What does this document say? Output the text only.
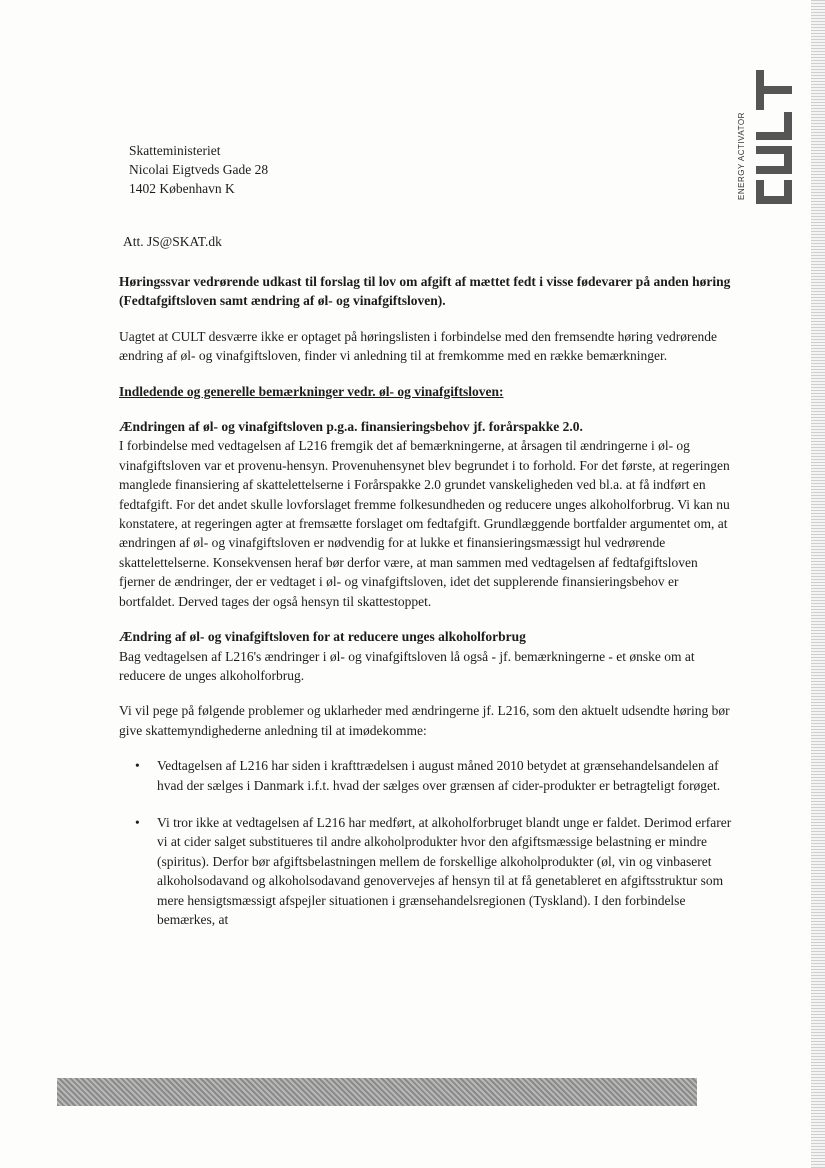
ENERGY ACTIVATOR
Skatteministeriet
Nicolai Eigtveds Gade 28
1402 København K
Att. JS@SKAT.dk

Høringssvar vedrørende udkast til forslag til lov om afgift af mættet fedt i visse fødevarer på anden høring (Fedtafgiftsloven samt ændring af øl- og vinafgiftsloven).

Uagtet at CULT desværre ikke er optaget på høringslisten i forbindelse med den fremsendte høring vedrørende ændring af øl- og vinafgiftsloven, finder vi anledning til at fremkomme med en række bemærkninger.

Indledende og generelle bemærkninger vedr. øl- og vinafgiftsloven:

Ændringen af øl- og vinafgiftsloven p.g.a. finansieringsbehov jf. forårspakke 2.0.

I forbindelse med vedtagelsen af L216 fremgik det af bemærkningerne, at årsagen til ændringerne i øl- og vinafgiftsloven var et provenu-hensyn. Provenuhensynet blev begrundet i to forhold. For det første, at regeringen manglede finansiering af skattelettelserne i Forårspakke 2.0 grundet vanskeligheden ved bl.a. at få indført en fedtafgift. For det andet skulle lovforslaget fremme folkesundheden og reducere unges alkoholforbrug. Vi kan nu konstatere, at regeringen agter at fremsætte forslaget om fedtafgift. Grundlæggende bortfalder argumentet om, at ændringen af øl- og vinafgiftsloven er nødvendig for at lukke et finansieringsmæssigt hul vedrørende skattelettelserne. Konsekvensen heraf bør derfor være, at man sammen med vedtagelsen af fedtafgiftsloven fjerner de ændringer, der er vedtaget i øl- og vinafgiftsloven, idet det supplerende finansieringsbehov er bortfaldet. Derved tages der også hensyn til skattestoppet.

Ændring af øl- og vinafgiftsloven for at reducere unges alkoholforbrug

Bag vedtagelsen af L216's ændringer i øl- og vinafgiftsloven lå også - jf. bemærkningerne - et ønske om at reducere de unges alkoholforbrug.

Vi vil pege på følgende problemer og uklarheder med ændringerne jf. L216, som den aktuelt udsendte høring bør give skattemyndighederne anledning til at imødekomme:

• Vedtagelsen af L216 har siden i krafttrædelsen i august måned 2010 betydet at grænsehandelsandelen af hvad der sælges i Danmark i.f.t. hvad der sælges over grænsen af cider-produkter er betragteligt forøget.
• Vi tror ikke at vedtagelsen af L216 har medført, at alkoholforbruget blandt unge er faldet. Derimod erfarer vi at cider salget substitueres til andre alkoholprodukter hvor den afgiftsmæssige belastning er mindre (spiritus). Derfor bør afgiftsbelastningen mellem de forskellige alkoholprodukter (øl, vin og vinbaseret alkoholsodavand og alkoholsodavand genovervejes af hensyn til at få genetableret en afgiftsstruktur som mere hensigtsmæssigt afspejler situationen i grænsehandelsregionen (Tyskland). I den forbindelse bemærkes, at
